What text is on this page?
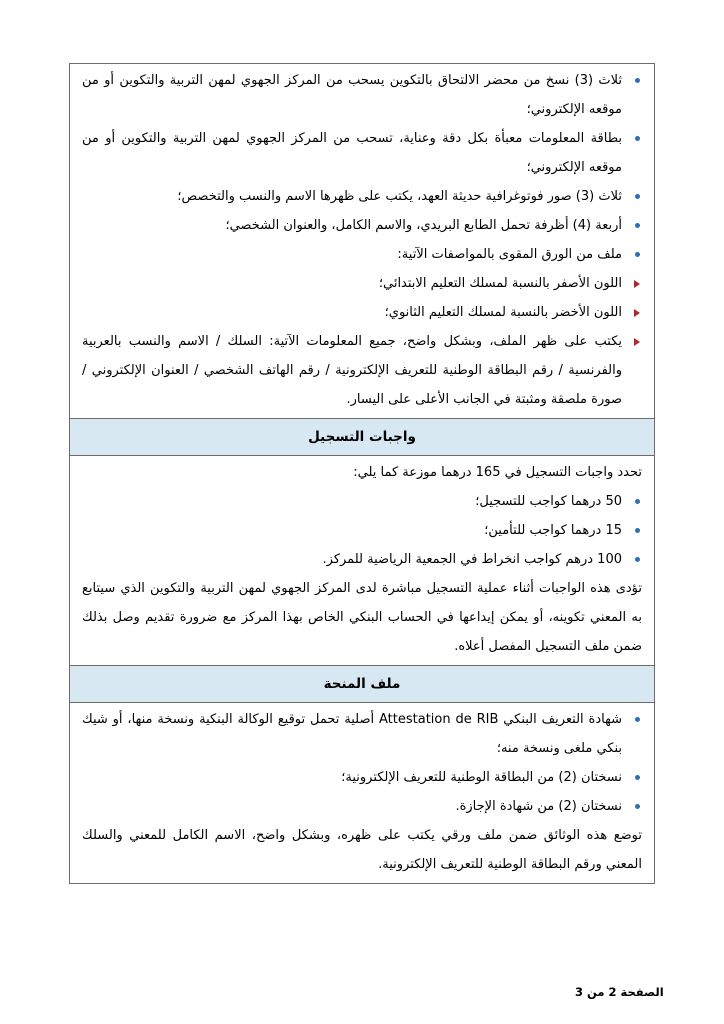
ثلاث (3) نسخ من محضر الالتحاق بالتكوين يسحب من المركز الجهوي لمهن التربية والتكوين أو من موقعه الإلكتروني؛
بطاقة المعلومات معبأة بكل دقة وعناية، تسحب من المركز الجهوي لمهن التربية والتكوين أو من موقعه الإلكتروني؛
ثلاث (3) صور فوتوغرافية حديثة العهد، يكتب على ظهرها الاسم والنسب والتخصص؛
أربعة (4) أظرفة تحمل الطابع البريدي، والاسم الكامل، والعنوان الشخصي؛
ملف من الورق المقوى بالمواصفات الآتية:
اللون الأصفر بالنسبة لمسلك التعليم الابتدائي؛
اللون الأخضر بالنسبة لمسلك التعليم الثانوي؛
يكتب على ظهر الملف، وبشكل واضح، جميع المعلومات الآتية: السلك / الاسم والنسب بالعربية والفرنسية / رقم البطاقة الوطنية للتعريف الإلكترونية / رقم الهاتف الشخصي / العنوان الإلكتروني / صورة ملصقة ومثبتة في الجانب الأعلى على اليسار.
واجبات التسجيل

تحدد واجبات التسجيل في 165 درهما موزعة كما يلي:

50 درهما كواجب للتسجيل؛
15 درهما كواجب للتأمين؛
100 درهم كواجب انخراط في الجمعية الرياضية للمركز.

تؤدى هذه الواجبات أثناء عملية التسجيل مباشرة لدى المركز الجهوي لمهن التربية والتكوين الذي سيتابع به المعني تكوينه، أو يمكن إيداعها في الحساب البنكي الخاص بهذا المركز مع ضرورة تقديم وصل بذلك ضمن ملف التسجيل المفصل أعلاه.

ملف المنحة
شهادة التعريف البنكي Attestation de RIB أصلية تحمل توقيع الوكالة البنكية ونسخة منها، أو شيك بنكي ملغى ونسخة منه؛
نسختان (2) من البطاقة الوطنية للتعريف الإلكترونية؛
نسختان (2) من شهادة الإجازة.

توضع هذه الوثائق ضمن ملف ورقي يكتب على ظهره، وبشكل واضح، الاسم الكامل للمعني والسلك المعني ورقم البطاقة الوطنية للتعريف الإلكترونية.

الصفحة 2 من 3
